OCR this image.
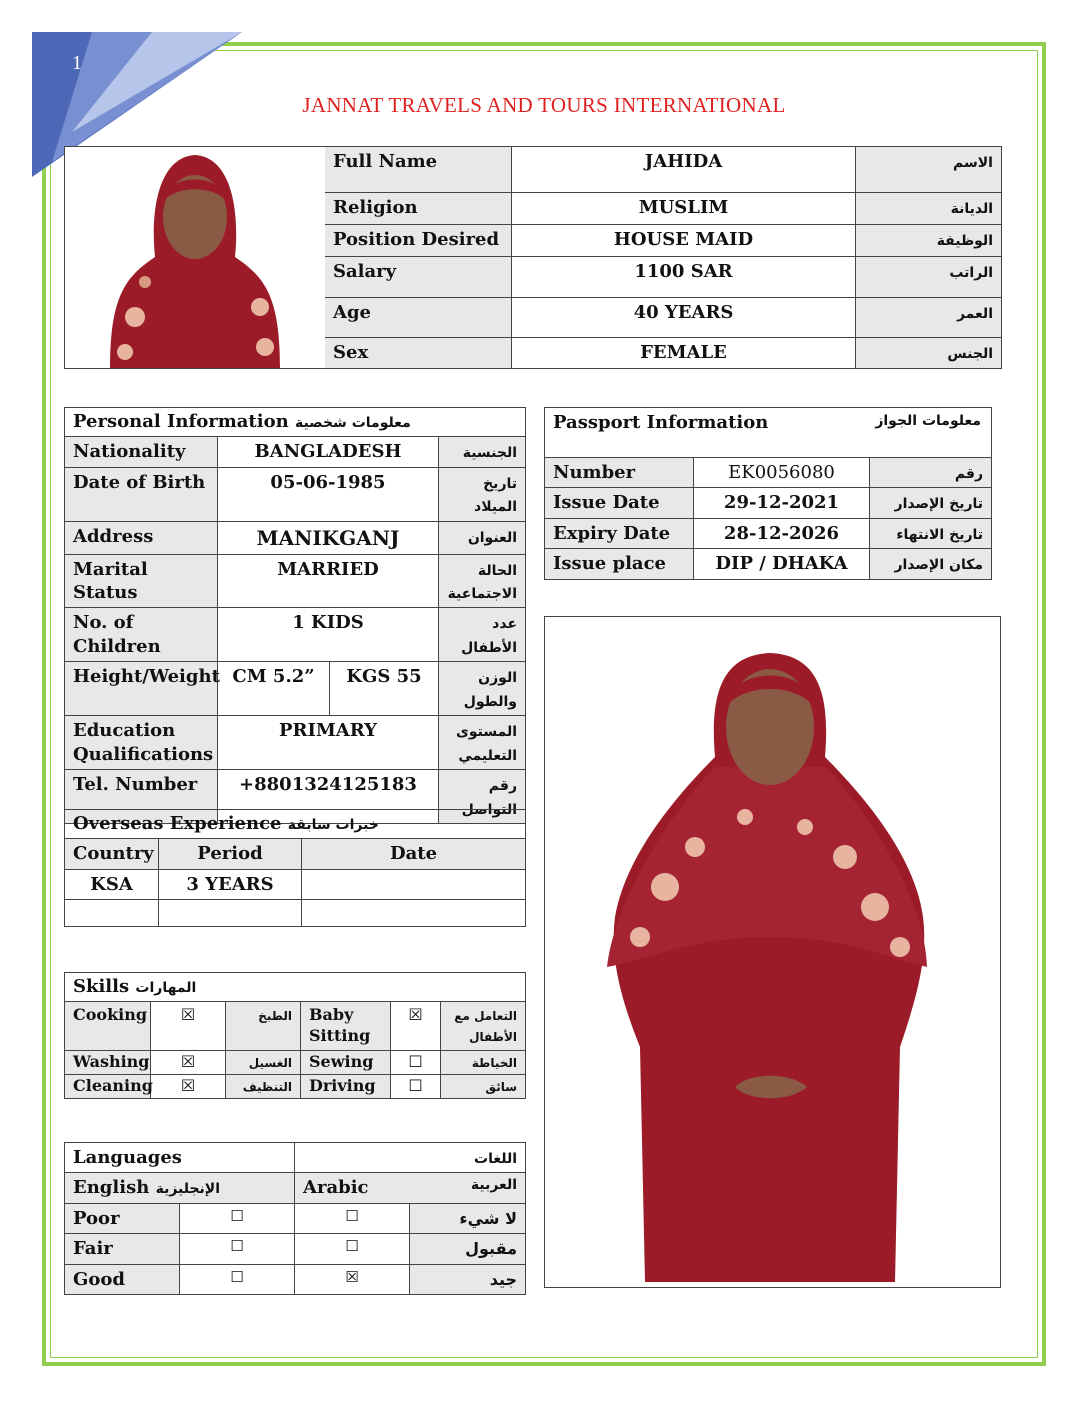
1
JANNAT TRAVELS AND TOURS INTERNATIONAL
	Full Name	JAHIDA	الاسم
	Religion	MUSLIM	الديانة
	Position Desired	HOUSE MAID	الوظيفة
	Salary	1100 SAR	الراتب
	Age	40 YEARS	العمر
	Sex	FEMALE	الجنس
Personal Information معلومات شخصية			
Nationality	BANGLADESH		الجنسية
Date of Birth	05-06-1985		تاريخ الميلاد
Address	MANIKGANJ		العنوان
Marital Status	MARRIED		الحالة الاجتماعية
No. of Children	1 KIDS		عدد الأطفال
Height/Weight	CM 5.2”	KGS 55	الوزن والطول
Education Qualifications	PRIMARY		المستوى التعليمي
Tel. Number	+8801324125183		رقم التواصل
Passport Information معلومات الجواز		

Number	EK0056080	رقم
Issue Date	29-12-2021	تاريخ الإصدار
Expiry Date	28-12-2026	تاريخ الانتهاء
Issue place	DIP / DHAKA	مكان الإصدار
Overseas Experience خبرات سابقة		
Country	Period	Date
KSA	3 YEARS	

Skills المهارات					
Cooking	☒	الطبخ	Baby Sitting	☒	التعامل مع الأطفال
Washing	☒	الغسيل	Sewing	☐	الخياطة
Cleaning	☒	التنظيف	Driving	☐	سائق
Languages		اللغات	
English الإنجليزية		Arabic العربية	

Poor	☐	☐	لا شيء
Fair	☐	☐	مقبول
Good	☐	☒	جيد
